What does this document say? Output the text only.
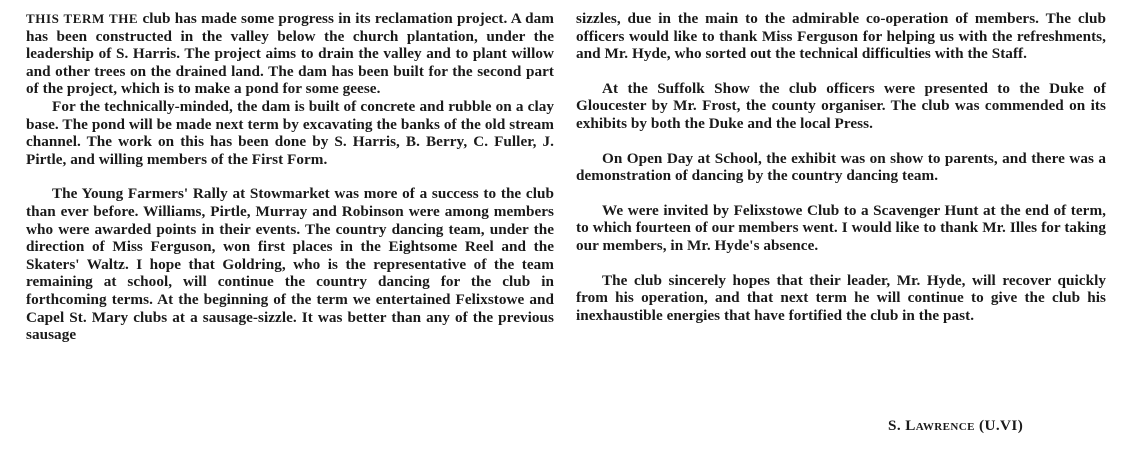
THIS TERM THE club has made some progress in its reclamation project. A dam has been constructed in the valley below the church plantation, under the leadership of S. Harris. The project aims to drain the valley and to plant willow and other trees on the drained land. The dam has been built for the second part of the project, which is to make a pond for some geese.

For the technically-minded, the dam is built of concrete and rubble on a clay base. The pond will be made next term by excavating the banks of the old stream channel. The work on this has been done by S. Harris, B. Berry, C. Fuller, J. Pirtle, and willing members of the First Form.

The Young Farmers' Rally at Stowmarket was more of a success to the club than ever before. Williams, Pirtle, Murray and Robinson were among members who were awarded points in their events. The country dancing team, under the direction of Miss Ferguson, won first places in the Eightsome Reel and the Skaters' Waltz. I hope that Goldring, who is the representative of the team remaining at school, will continue the country dancing for the club in forthcoming terms. At the beginning of the term we entertained Felixstowe and Capel St. Mary clubs at a sausage-sizzle. It was better than any of the previous sausage

sizzles, due in the main to the admirable co-operation of members. The club officers would like to thank Miss Ferguson for helping us with the refreshments, and Mr. Hyde, who sorted out the technical difficulties with the Staff.

At the Suffolk Show the club officers were presented to the Duke of Gloucester by Mr. Frost, the county organiser. The club was commended on its exhibits by both the Duke and the local Press.

On Open Day at School, the exhibit was on show to parents, and there was a demonstration of dancing by the country dancing team.

We were invited by Felixstowe Club to a Scavenger Hunt at the end of term, to which fourteen of our members went. I would like to thank Mr. Illes for taking our members, in Mr. Hyde's absence.

The club sincerely hopes that their leader, Mr. Hyde, will recover quickly from his operation, and that next term he will continue to give the club his inexhaustible energies that have fortified the club in the past.

S. Lawrence (U.VI)
